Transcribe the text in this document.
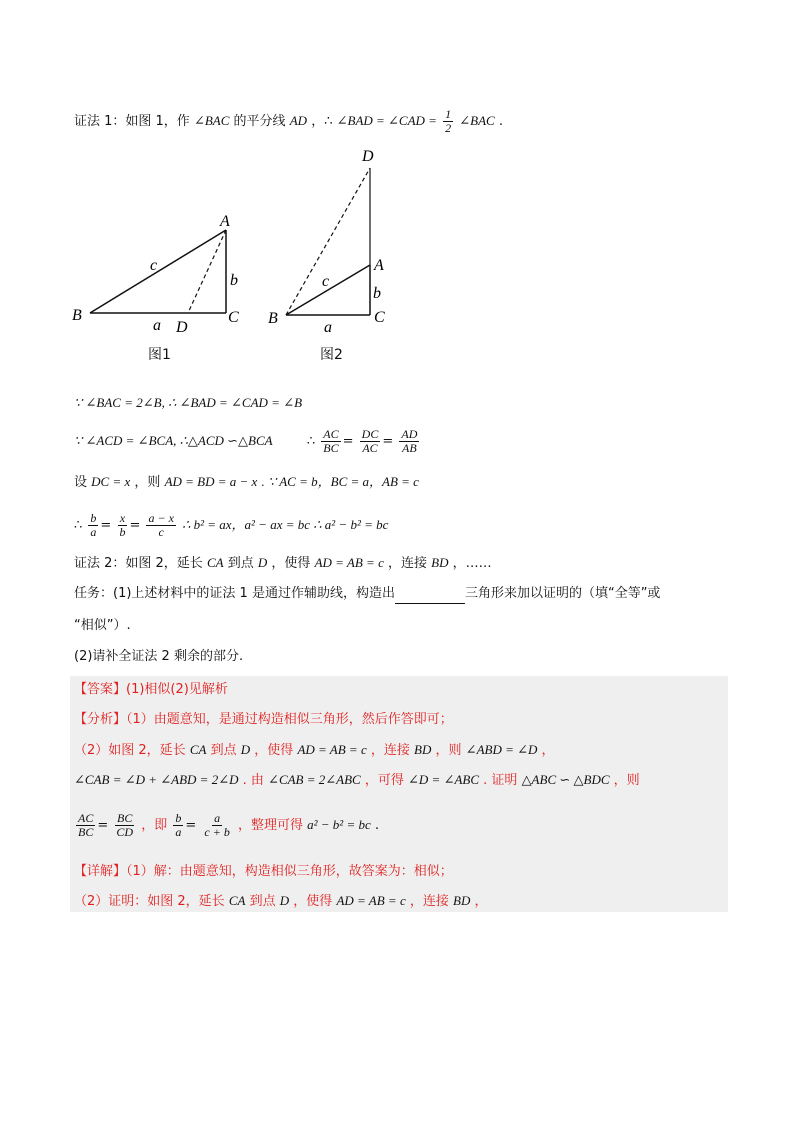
证法 1：如图 1，作 ∠BAC 的平分线 AD ，∴ ∠BAD = ∠CAD = $\frac{1}{2}$ ∠BAC .
A
B	C
D
a
b
c
D
A
B	C
a
b
c
图1	图2
∵ ∠BAC = 2∠B, ∴ ∠BAD = ∠CAD = ∠B
∵ ∠ACD = ∠BCA, ∴△ACD ∽△BCA	∴ $\frac{AC}{BC} = \frac{DC}{AC} = \frac{AD}{AB}$
设 DC = x ，则 AD = BD = a − x . ∵ AC = b，BC = a，AB = c
∴ $\frac{b}{a} = \frac{x}{b} = \frac{a - x}{c}$ ∴ b² = ax，a² − ax = bc ∴ a² − b² = bc
证法 2：如图 2，延长 CA 到点 D ，使得 AD = AB = c ，连接 BD ，……
任务：(1)上述材料中的证法 1 是通过作辅助线，构造出	三角形来加以证明的（填“全等”或
“相似”）.
(2)请补全证法 2 剩余的部分.
【答案】(1)相似(2)见解析
【分析】（1）由题意知，是通过构造相似三角形，然后作答即可；
（2）如图 2，延长 CA 到点 D ，使得 AD = AB = c ，连接 BD ，则 ∠ABD = ∠D ，
∠CAB = ∠D + ∠ABD = 2∠D . 由 ∠CAB = 2∠ABC ，可得 ∠D = ∠ABC . 证明 △ABC ∽ △BDC ，则
$\frac{AC}{BC} = \frac{BC}{CD}$ ，即 $\frac{b}{a} = \frac{a}{c + b}$ ，整理可得 a² − b² = bc .
【详解】（1）解：由题意知，构造相似三角形，故答案为：相似；
（2）证明：如图 2，延长 CA 到点 D ，使得 AD = AB = c ，连接 BD ，
